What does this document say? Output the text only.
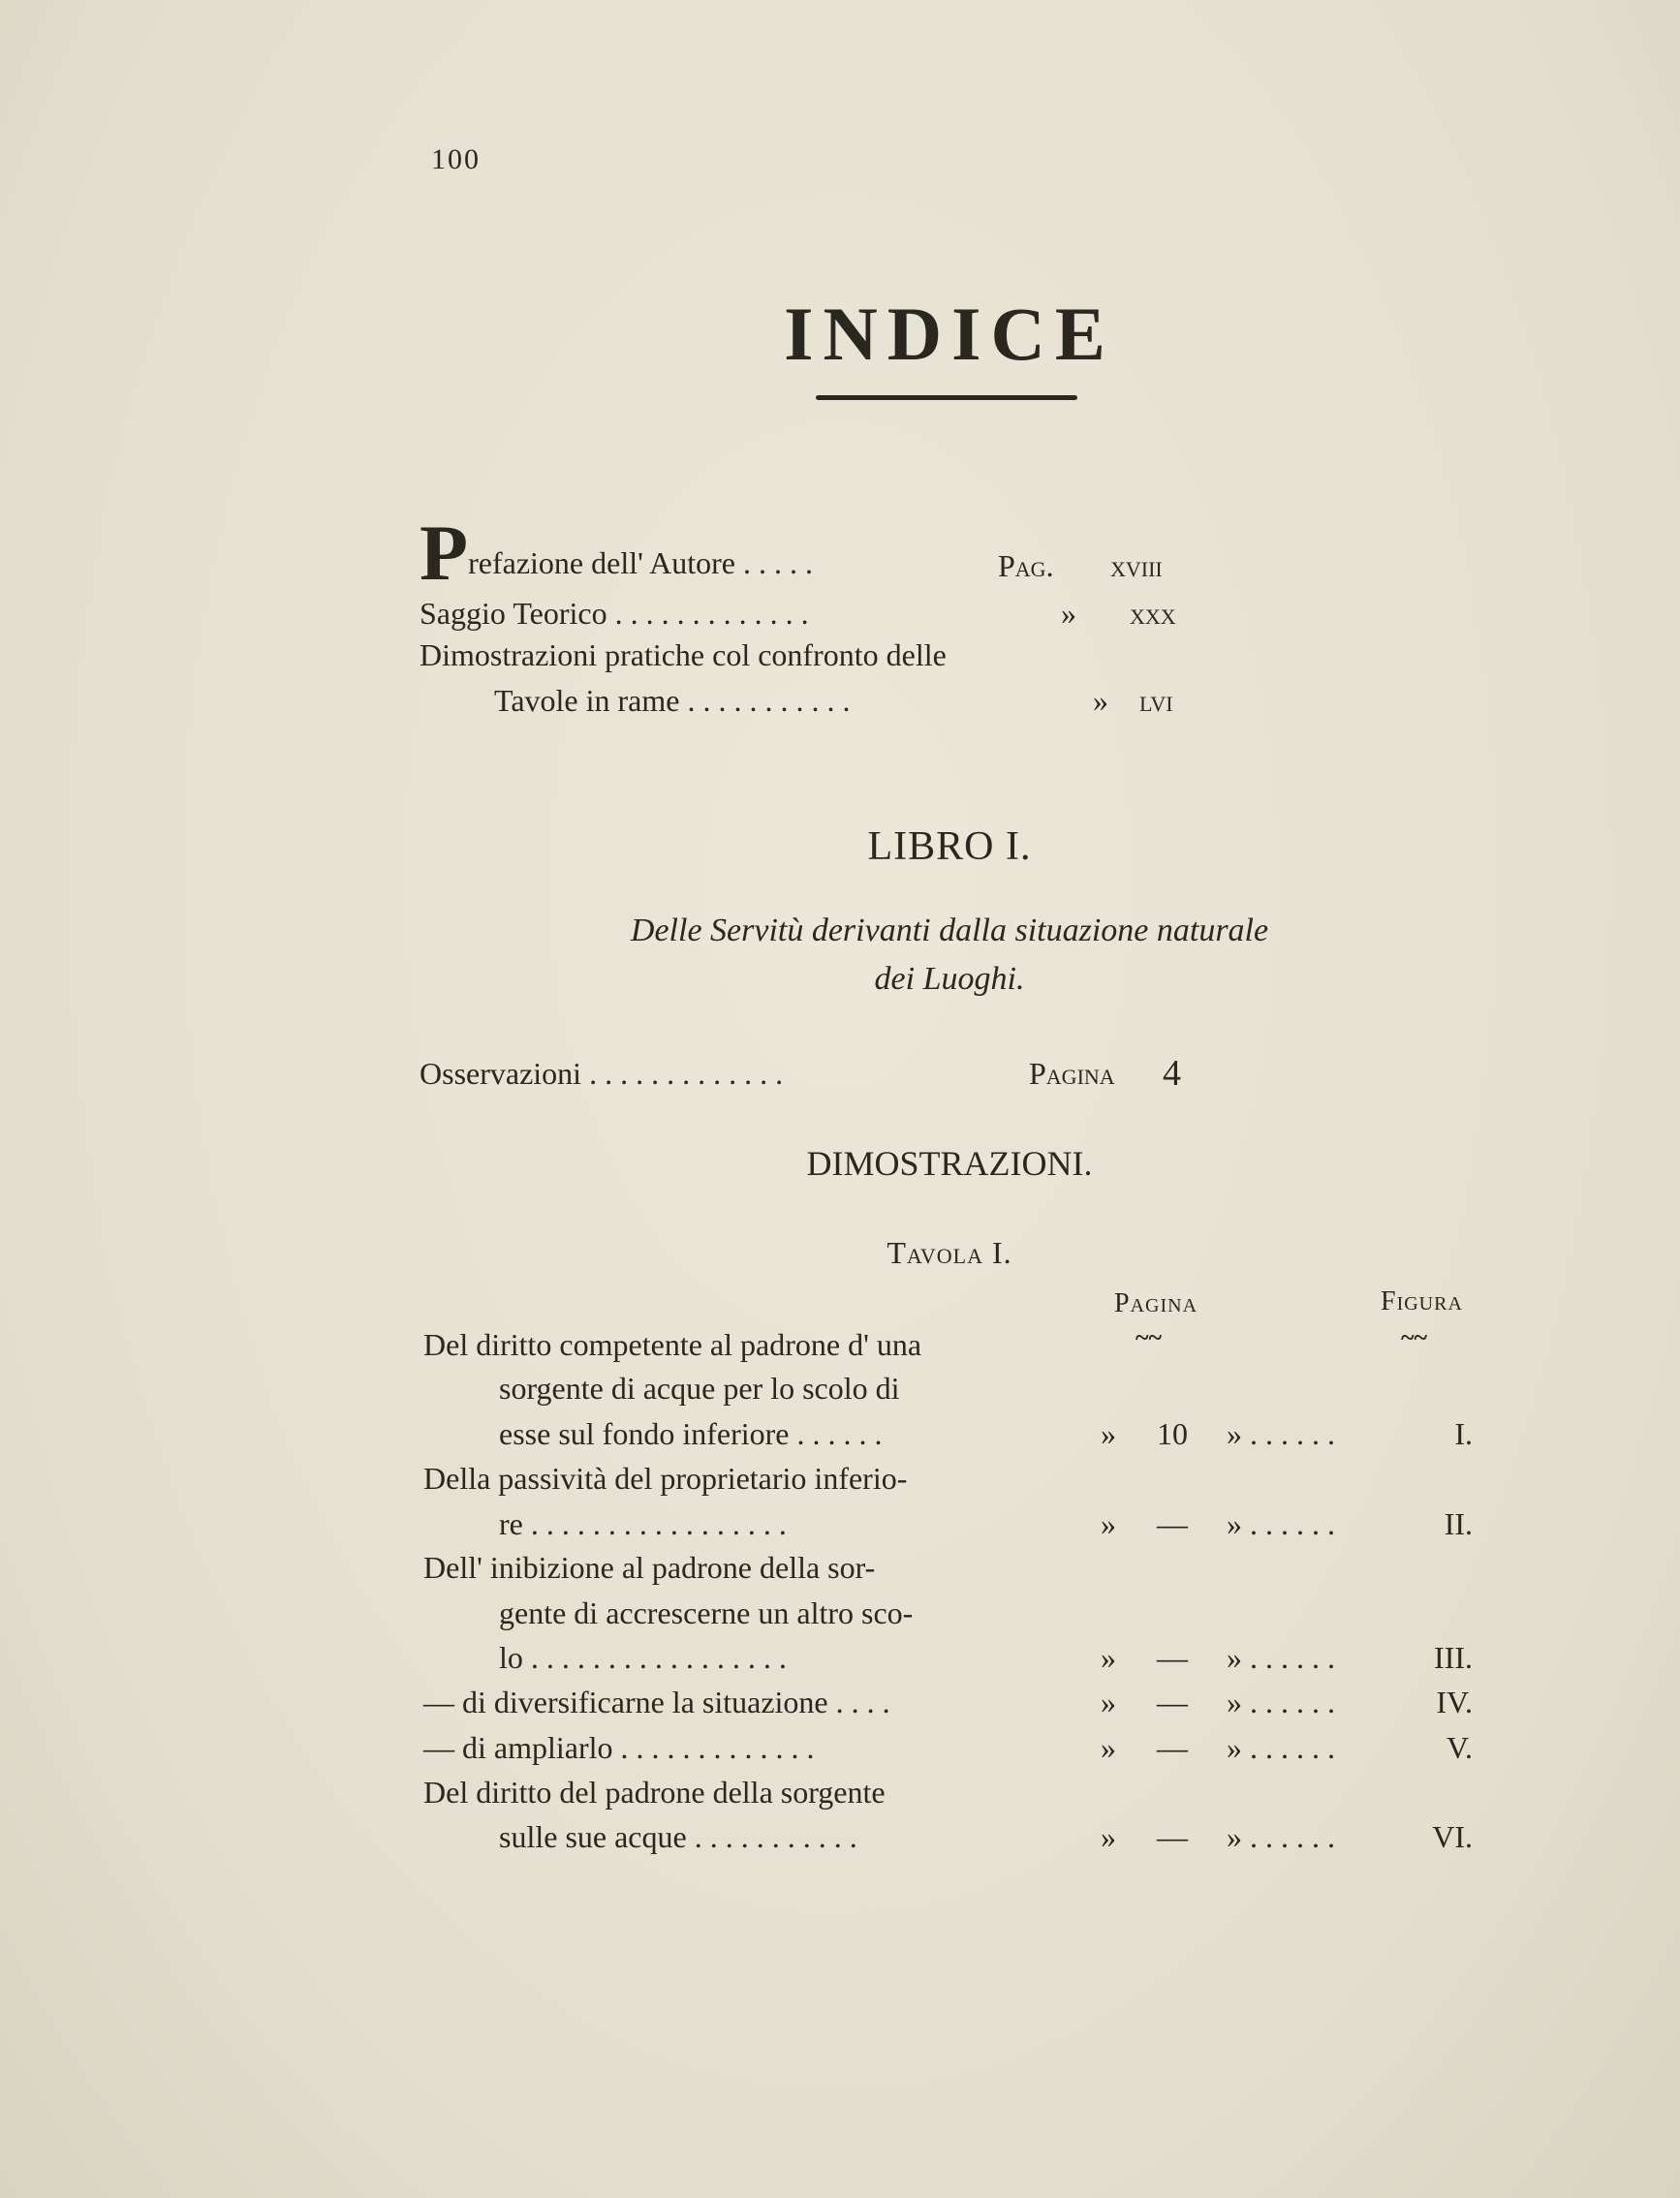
100
INDICE
Prefazione dell' Autore . . . . .	Pag. xviii
Saggio Teorico . . . . . . . . . . . . .	» xxx
Dimostrazioni pratiche col confronto delle
Tavole in rame . . . . . . . . . . .	» lvi
LIBRO I.
Delle Servitù derivanti dalla situazione naturale
dei Luoghi.
Osservazioni . . . . . . . . . . . . .	Pagina 4
DIMOSTRAZIONI.
Tavola I.
Pagina	Figura
~~	~~
Del diritto competente al padrone d' una
sorgente di acque per lo scolo di
esse sul fondo inferiore . . . . . .	»	10	» . . . . . .	I.
Della passività del proprietario inferio-
re . . . . . . . . . . . . . . . . .	»	—	» . . . . . .	II.
Dell' inibizione al padrone della sor-
gente di accrescerne un altro sco-
lo . . . . . . . . . . . . . . . . .	»	—	» . . . . . .	III.
— di diversificarne la situazione . . . .	»	—	» . . . . . .	IV.
— di ampliarlo . . . . . . . . . . . . .	»	—	» . . . . . .	V.
Del diritto del padrone della sorgente
sulle sue acque . . . . . . . . . . .	»	—	» . . . . . .	VI.
